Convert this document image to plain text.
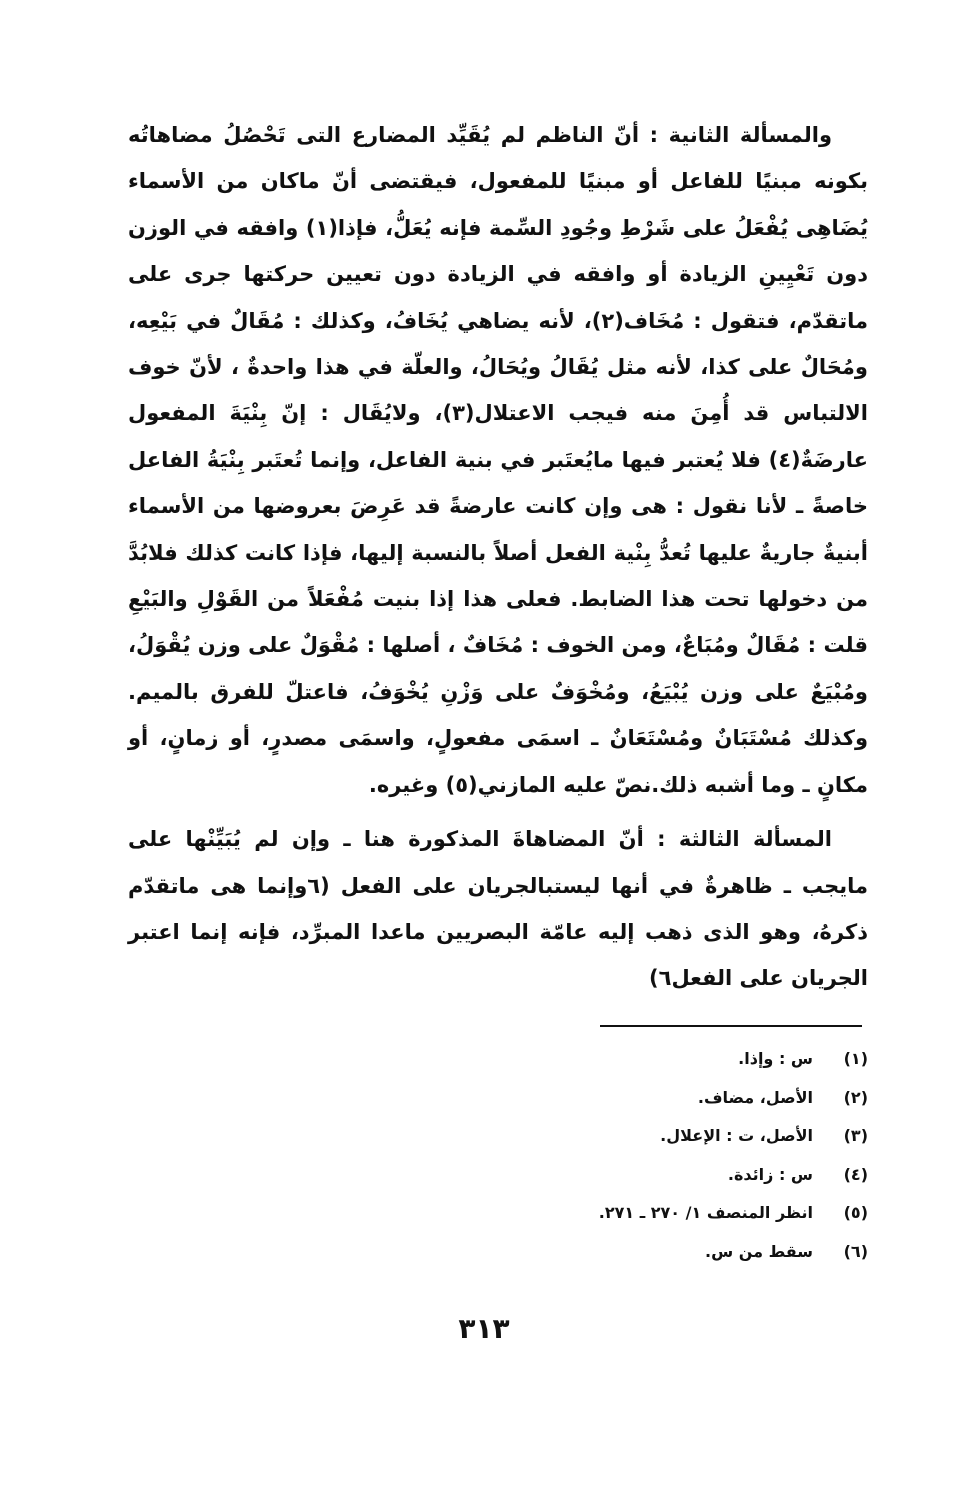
والمسألة الثانية : أنّ الناظم لم يُقَيِّد المضارع التى تَحْصُلُ مضاهاتُه بكونه مبنيًا للفاعل أو مبنيًا للمفعول، فيقتضى أنّ ماكان من الأسماء يُضَاهِى يُفْعَلُ على شَرْطِ وجُودِ السِّمة فإنه يُعَلُّ، فإذا(١) وافقه في الوزن دون تَعْيِينِ الزيادة أو وافقه في الزيادة دون تعيين حركتها جرى على ماتقدّم، فتقول : مُخَاف(٢)، لأنه يضاهي يُخَافُ، وكذلك : مُقَالٌ في بَيْعِه، ومُحَالٌ على كذا، لأنه مثل يُقَالُ ويُحَالُ، والعلّة في هذا واحدةٌ ، لأنّ خوف الالتباس قد أُمِنَ منه فيجب الاعتلال(٣)، ولايُقَال : إنّ بِنْيَةَ المفعول عارضَةٌ(٤) فلا يُعتبر فيها مايُعتَبر في بنية الفاعل، وإنما تُعتَبر بِنْيَةُ الفاعل خاصةً ـ لأنا نقول : هى وإن كانت عارضةً قد عَرِضَ بعروضها من الأسماء أبنيةٌ جاريةٌ عليها تُعدُّ بِنْية الفعل أصلاً بالنسبة إليها، فإذا كانت كذلك فلابُدَّ من دخولها تحت هذا الضابط. فعلى هذا إذا بنيت مُفْعَلاً من القَوْلِ والبَيْعِ قلت : مُقَالٌ ومُبَاعٌ، ومن الخوف : مُخَافٌ ، أصلها : مُقْوَلٌ على وزن يُقْوَلُ، ومُبْيَعٌ على وزن يُبْيَعُ، ومُخْوَفٌ على وَزْنِ يُخْوَفُ، فاعتلّ للفرق بالميم. وكذلك مُسْتَبَانٌ ومُسْتَعَانٌ ـ اسمَى مفعولٍ، واسمَى مصدرٍ، أو زمانٍ، أو مكانٍ ـ وما أشبه ذلك.نصّ عليه المازني(٥) وغيره.

المسألة الثالثة : أنّ المضاهاةَ المذكورة هنا ـ وإن لم يُبَيِّنْها على مايجب ـ ظاهرةٌ في أنها ليستبالجريان على الفعل (٦وإنما هى ماتقدّم ذكرهُ، وهو الذى ذهب إليه عامّة البصريين ماعدا المبرِّد، فإنه إنما اعتبر الجريان على الفعل٦)

(١)
س : وإذا.
(٢)
الأصل، مضاف.
(٣)
الأصل، ت : الإعلال.
(٤)
س : زائدة.
(٥)
انظر المنصف ١/ ٢٧٠ ـ ٢٧١.
(٦)
سقط من س.
٣١٣
